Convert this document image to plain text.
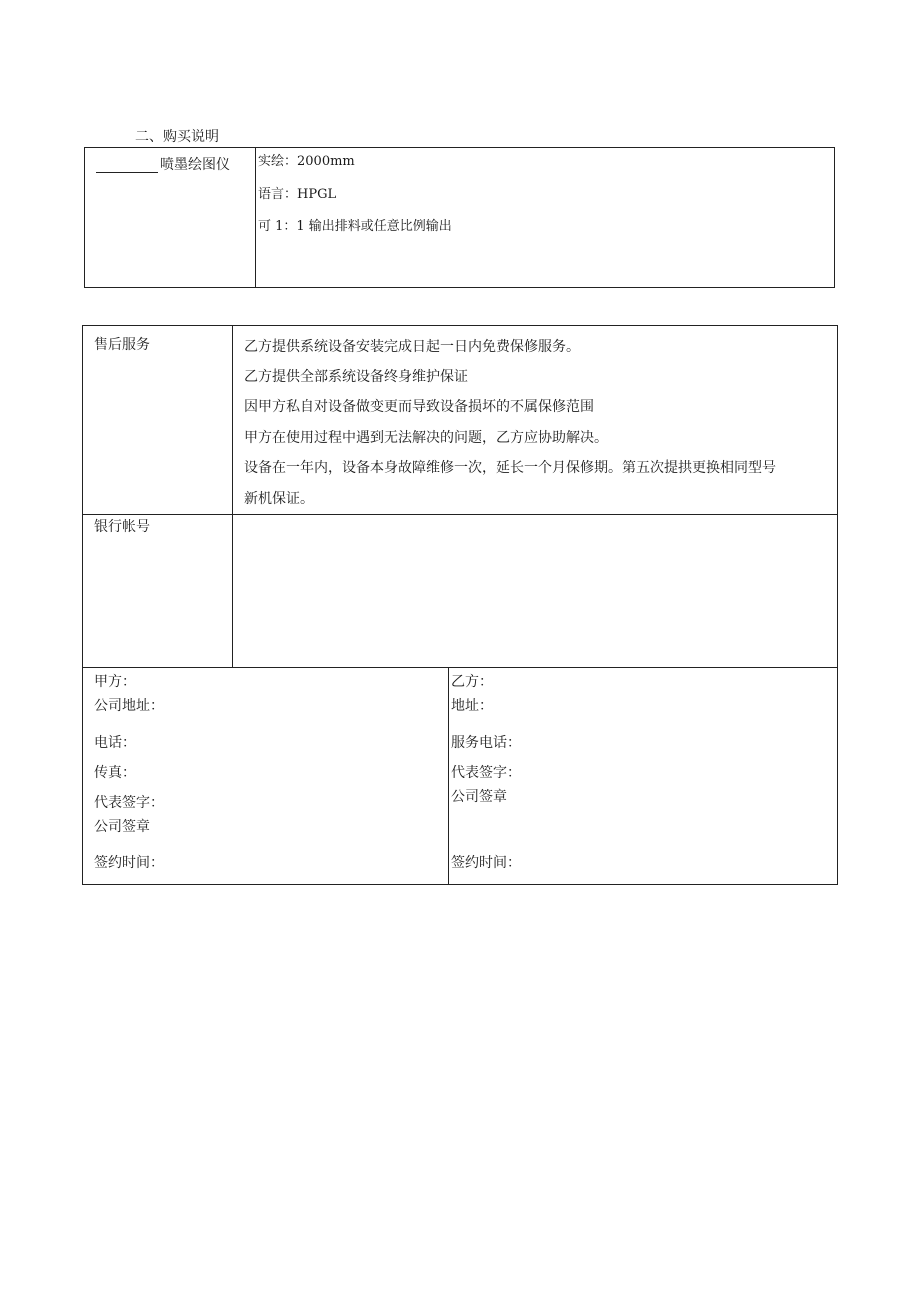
二、购买说明
喷墨绘图仪 实绘：2000mm
语言：HPGL
可 1：1 输出排料或任意比例输出
售后服务	乙方提供系统设备安装完成日起一日内免费保修服务。
乙方提供全部系统设备终身维护保证
因甲方私自对设备做变更而导致设备损坏的不属保修范围
甲方在使用过程中遇到无法解决的问题，乙方应协助解决。
设备在一年内，设备本身故障维修一次，延长一个月保修期。第五次提拱更换相同型号
新机保证。
银行帐号
甲方：
公司地址：
电话：
传真：
代表签字：
公司签章
签约时间：
乙方：
地址：
服务电话：
代表签字：
公司签章
签约时间：
